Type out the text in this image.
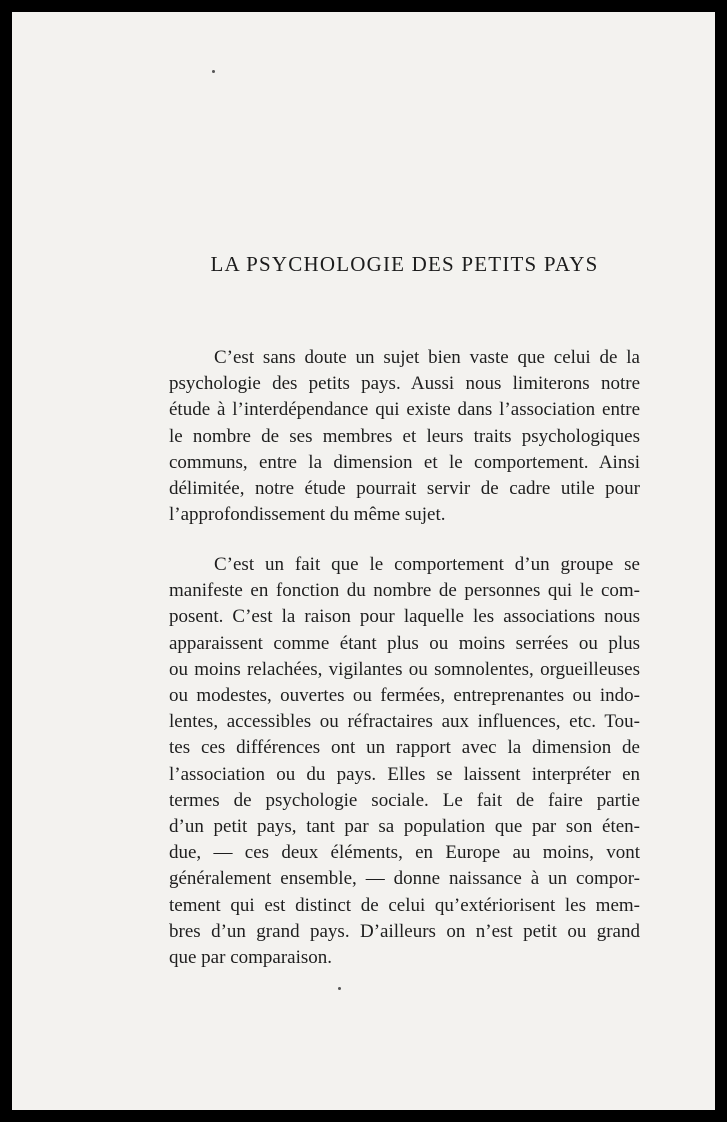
LA PSYCHOLOGIE DES PETITS PAYS
C’est sans doute un sujet bien vaste que celui de la
psychologie des petits pays. Aussi nous limiterons notre
étude à l’interdépendance qui existe dans l’association entre
le nombre de ses membres et leurs traits psychologiques
communs, entre la dimension et le comportement. Ainsi
délimitée, notre étude pourrait servir de cadre utile pour
l’approfondissement du même sujet.
C’est un fait que le comportement d’un groupe se
manifeste en fonction du nombre de personnes qui le com-
posent. C’est la raison pour laquelle les associations nous
apparaissent comme étant plus ou moins serrées ou plus
ou moins relachées, vigilantes ou somnolentes, orgueilleuses
ou modestes, ouvertes ou fermées, entreprenantes ou indo-
lentes, accessibles ou réfractaires aux influences, etc. Tou-
tes ces différences ont un rapport avec la dimension de
l’association ou du pays. Elles se laissent interpréter en
termes de psychologie sociale. Le fait de faire partie
d’un petit pays, tant par sa population que par son éten-
due, — ces deux éléments, en Europe au moins, vont
généralement ensemble, — donne naissance à un compor-
tement qui est distinct de celui qu’extériorisent les mem-
bres d’un grand pays. D’ailleurs on n’est petit ou grand
que par comparaison.
